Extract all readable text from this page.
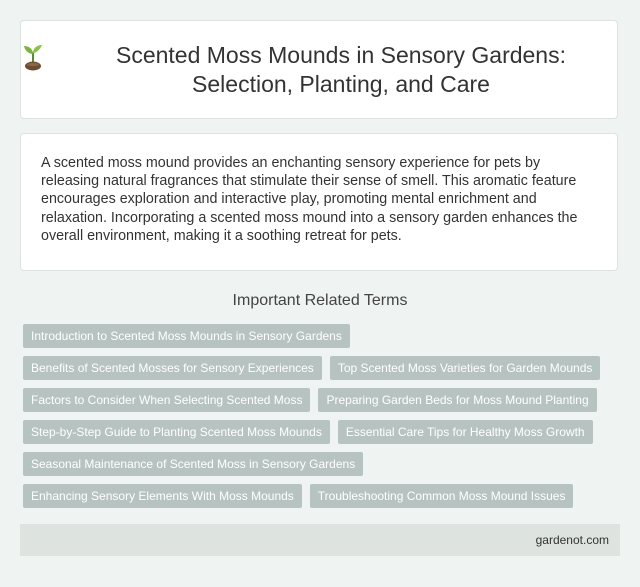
Scented Moss Mounds in Sensory Gardens: Selection, Planting, and Care

A scented moss mound provides an enchanting sensory experience for pets by releasing natural fragrances that stimulate their sense of smell. This aromatic feature encourages exploration and interactive play, promoting mental enrichment and relaxation. Incorporating a scented moss mound into a sensory garden enhances the overall environment, making it a soothing retreat for pets.

Important Related Terms
Introduction to Scented Moss Mounds in Sensory Gardens
Benefits of Scented Mosses for Sensory Experiences	Top Scented Moss Varieties for Garden Mounds
Factors to Consider When Selecting Scented Moss	Preparing Garden Beds for Moss Mound Planting
Step-by-Step Guide to Planting Scented Moss Mounds	Essential Care Tips for Healthy Moss Growth
Seasonal Maintenance of Scented Moss in Sensory Gardens
Enhancing Sensory Elements With Moss Mounds	Troubleshooting Common Moss Mound Issues
gardenot.com
